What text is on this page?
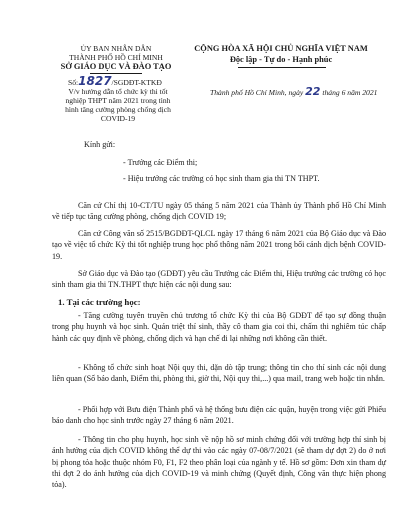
ỦY BAN NHÂN DÂN
THÀNH PHỐ HỒ CHÍ MINH
SỞ GIÁO DỤC VÀ ĐÀO TẠO
Số:1827/SGDĐT-KTKĐ
V/v hướng dẫn tổ chức kỳ thi tốt nghiệp THPT năm 2021 trong tình hình tăng cường phòng chống dịch COVID-19
CỘNG HÒA XÃ HỘI CHỦ NGHĨA VIỆT NAM
Độc lập - Tự do - Hạnh phúc
Thành phố Hồ Chí Minh, ngày 22 tháng 6 năm 2021
Kính gửi:
- Trưởng các Điểm thi;
- Hiệu trưởng các trường có học sinh tham gia thi TN THPT.
Căn cứ Chỉ thị 10-CT/TU ngày 05 tháng 5 năm 2021 của Thành ủy Thành phố Hồ Chí Minh về tiếp tục tăng cường phòng, chống dịch COVID 19;
Căn cứ Công văn số 2515/BGDĐT-QLCL ngày 17 tháng 6 năm 2021 của Bộ Giáo dục và Đào tạo về việc tổ chức Kỳ thi tốt nghiệp trung học phổ thông năm 2021 trong bối cảnh dịch bệnh COVID-19.
Sở Giáo dục và Đào tạo (GDĐT) yêu cầu Trưởng các Điểm thi, Hiệu trưởng các trường có học sinh tham gia thi TN.THPT thực hiện các nội dung sau:
1. Tại các trường học:
- Tăng cường tuyên truyền chủ trương tổ chức Kỳ thi của Bộ GDĐT để tạo sự đồng thuận trong phụ huynh và học sinh. Quán triệt thí sinh, thầy cô tham gia coi thi, chấm thi nghiêm túc chấp hành các quy định về phòng, chống dịch và hạn chế đi lại những nơi không cần thiết.
- Không tổ chức sinh hoạt Nội quy thi, dặn dò tập trung; thông tin cho thí sinh các nội dung liên quan (Số báo danh, Điểm thi, phòng thi, giờ thi, Nội quy thi,...) qua mail, trang web hoặc tin nhắn.
- Phối hợp với Bưu điện Thành phố và hệ thống bưu điện các quận, huyện trong việc gửi Phiếu báo danh cho học sinh trước ngày 27 tháng 6 năm 2021.
- Thông tin cho phụ huynh, học sinh về nộp hồ sơ minh chứng đối với trường hợp thí sinh bị ảnh hưởng của dịch COVID không thể dự thi vào các ngày 07-08/7/2021 (sẽ tham dự đợt 2) do ở nơi bị phong tỏa hoặc thuộc nhóm F0, F1, F2 theo phân loại của ngành y tế. Hồ sơ gồm: Đơn xin tham dự thi đợt 2 do ảnh hưởng của dịch COVID-19 và minh chứng (Quyết định, Công văn thực hiện phong tỏa).
